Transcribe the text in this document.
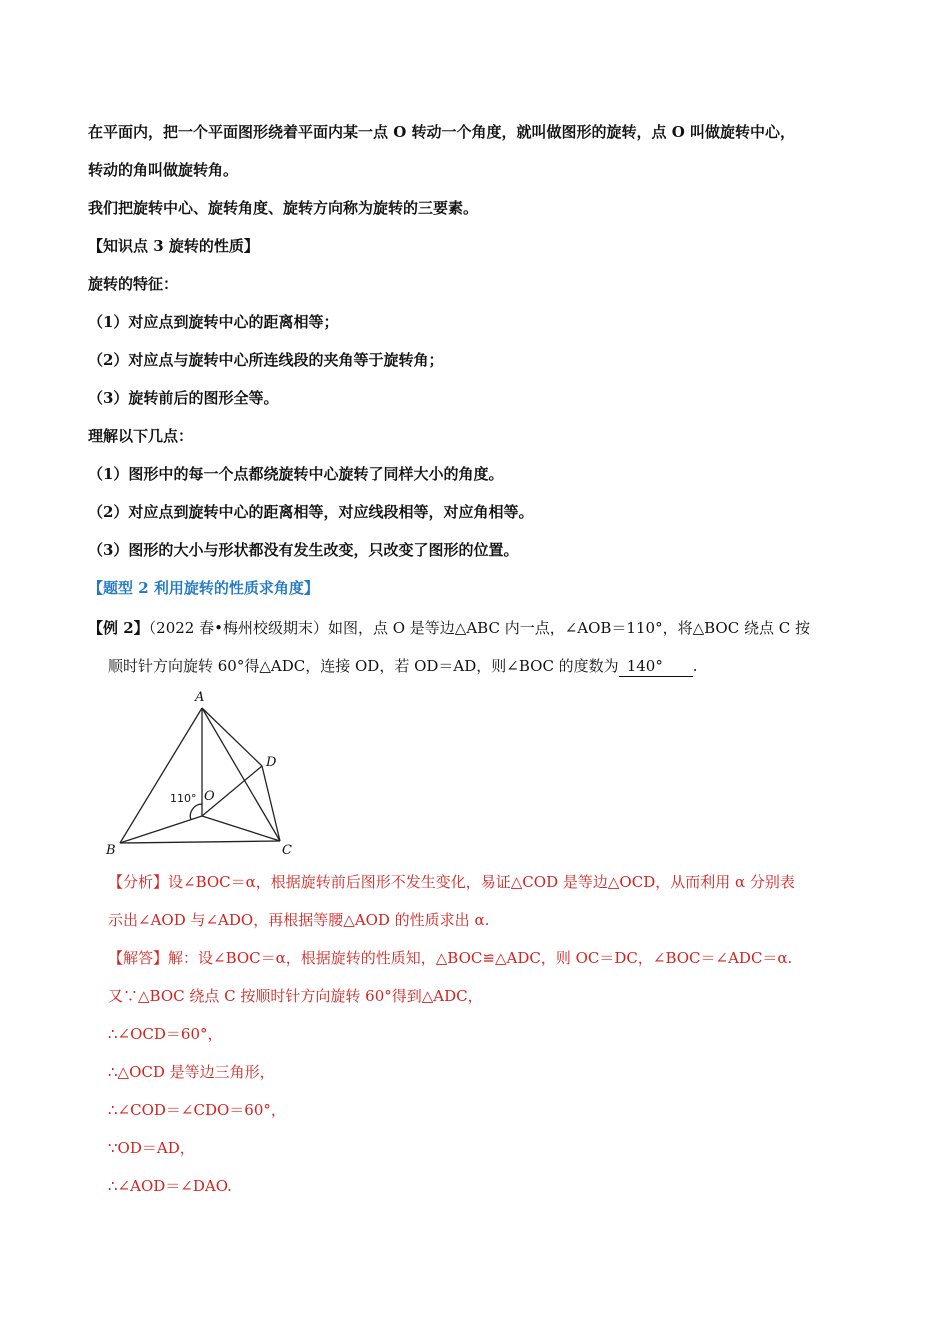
在平面内，把一个平面图形绕着平面内某一点 O 转动一个角度，就叫做图形的旋转，点 O 叫做旋转中心，
转动的角叫做旋转角。
我们把旋转中心、旋转角度、旋转方向称为旋转的三要素。
【知识点 3 旋转的性质】
旋转的特征：
（1）对应点到旋转中心的距离相等；
（2）对应点与旋转中心所连线段的夹角等于旋转角；
（3）旋转前后的图形全等。
理解以下几点：
（1）图形中的每一个点都绕旋转中心旋转了同样大小的角度。
（2）对应点到旋转中心的距离相等，对应线段相等，对应角相等。
（3）图形的大小与形状都没有发生改变，只改变了图形的位置。
【题型 2 利用旋转的性质求角度】
【例 2】（2022 春•梅州校级期末）如图，点 O 是等边△ABC 内一点，∠AOB＝110°，将△BOC 绕点 C 按
顺时针方向旋转 60°得△ADC，连接 OD，若 OD＝AD，则∠BOC 的度数为 140° .
A
B	C
D
O
110°
【分析】设∠BOC＝α，根据旋转前后图形不发生变化，易证△COD 是等边△OCD，从而利用 α 分别表
示出∠AOD 与∠ADO，再根据等腰△AOD 的性质求出 α.
【解答】解：设∠BOC＝α，根据旋转的性质知，△BOC≌△ADC，则 OC＝DC，∠BOC＝∠ADC＝α.
又∵△BOC 绕点 C 按顺时针方向旋转 60°得到△ADC，
∴∠OCD＝60°，
∴△OCD 是等边三角形，
∴∠COD＝∠CDO＝60°，
∵OD＝AD，
∴∠AOD＝∠DAO.
